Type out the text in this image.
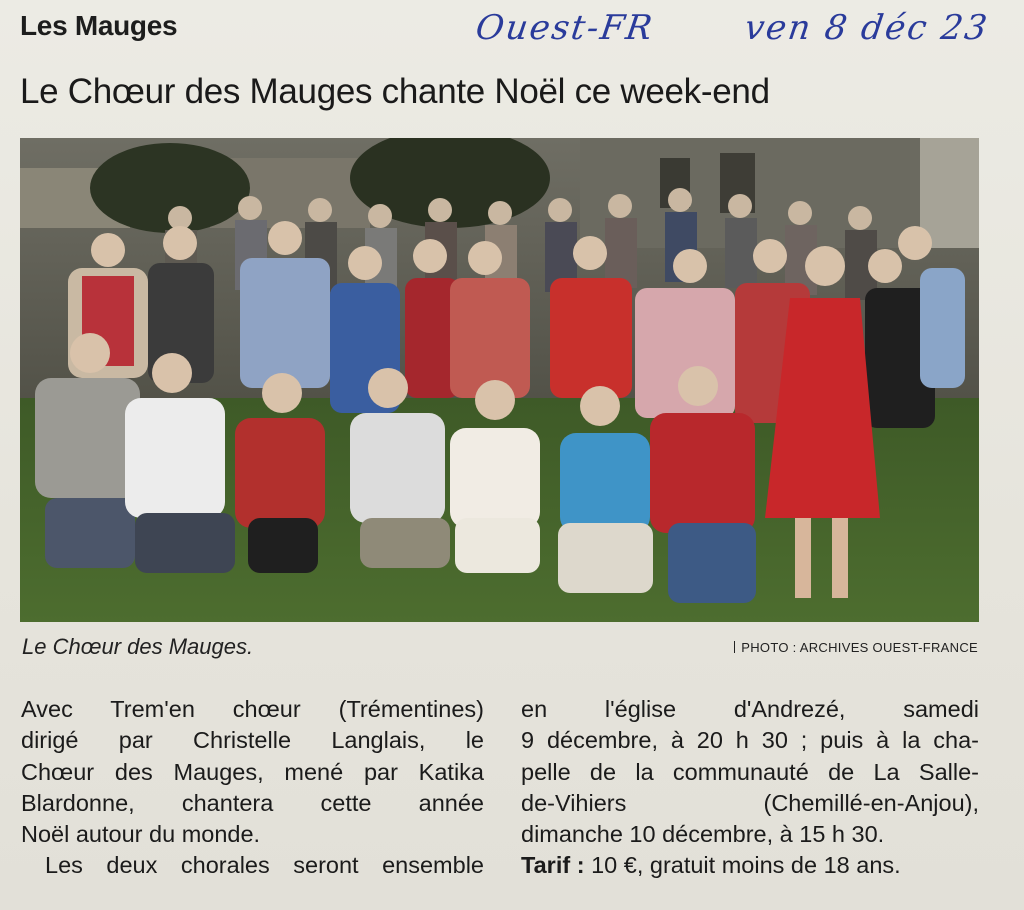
Les Mauges	Ouest-FR	ven 8 déc 23
Le Chœur des Mauges chante Noël ce week-end
Le Chœur des Mauges.	PHOTO : ARCHIVES OUEST-FRANCE
Avec Trem'en chœur (Trémentines)
dirigé par Christelle Langlais, le
Chœur des Mauges, mené par Katika
Blardonne, chantera cette année
Noël autour du monde.
Les deux chorales seront ensemble
en l'église d'Andrezé, samedi
9 décembre, à 20 h 30 ; puis à la cha-
pelle de la communauté de La Salle-
de-Vihiers (Chemillé-en-Anjou),
dimanche 10 décembre, à 15 h 30.
Tarif : 10 €, gratuit moins de 18 ans.
